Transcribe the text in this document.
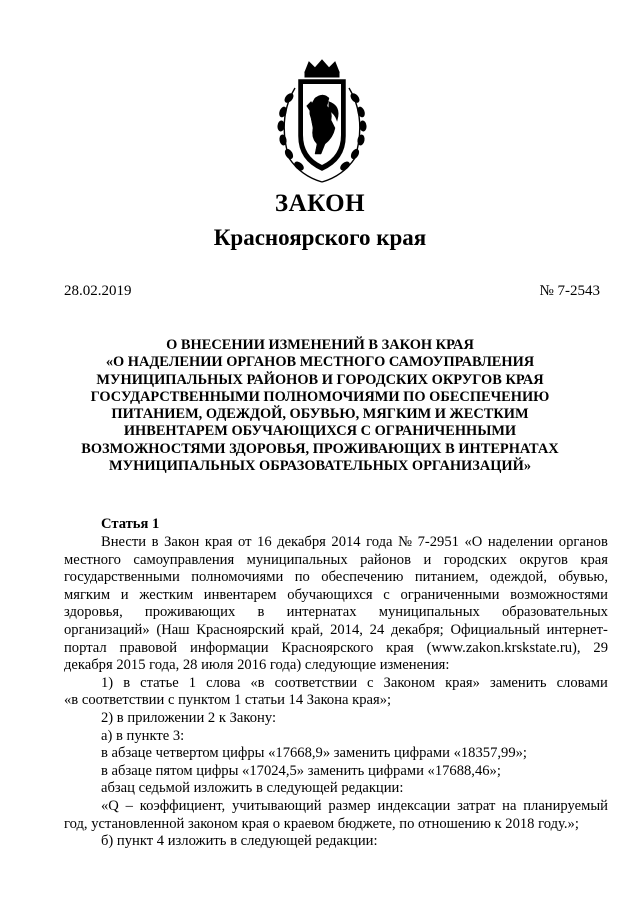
ЗАКОН
Красноярского края
28.02.2019	№ 7-2543
О ВНЕСЕНИИ ИЗМЕНЕНИЙ В ЗАКОН КРАЯ
«О НАДЕЛЕНИИ ОРГАНОВ МЕСТНОГО САМОУПРАВЛЕНИЯ
МУНИЦИПАЛЬНЫХ РАЙОНОВ И ГОРОДСКИХ ОКРУГОВ КРАЯ
ГОСУДАРСТВЕННЫМИ ПОЛНОМОЧИЯМИ ПО ОБЕСПЕЧЕНИЮ
ПИТАНИЕМ, ОДЕЖДОЙ, ОБУВЬЮ, МЯГКИМ И ЖЕСТКИМ
ИНВЕНТАРЕМ ОБУЧАЮЩИХСЯ С ОГРАНИЧЕННЫМИ
ВОЗМОЖНОСТЯМИ ЗДОРОВЬЯ, ПРОЖИВАЮЩИХ В ИНТЕРНАТАХ
МУНИЦИПАЛЬНЫХ ОБРАЗОВАТЕЛЬНЫХ ОРГАНИЗАЦИЙ»
Статья 1
Внести в Закон края от 16 декабря 2014 года № 7-2951 «О наделении органов
местного самоуправления муниципальных районов и городских округов края
государственными полномочиями по обеспечению питанием, одеждой, обувью,
мягким и жестким инвентарем обучающихся с ограниченными возможностями
здоровья, проживающих в интернатах муниципальных образовательных
организаций» (Наш Красноярский край, 2014, 24 декабря; Официальный интернет-
портал правовой информации Красноярского края (www.zakon.krskstate.ru), 29
декабря 2015 года, 28 июля 2016 года) следующие изменения:
1) в статье 1 слова «в соответствии с Законом края» заменить словами
«в соответствии с пунктом 1 статьи 14 Закона края»;
2) в приложении 2 к Закону:
а) в пункте 3:
в абзаце четвертом цифры «17668,9» заменить цифрами «18357,99»;
в абзаце пятом цифры «17024,5» заменить цифрами «17688,46»;
абзац седьмой изложить в следующей редакции:
«Q – коэффициент, учитывающий размер индексации затрат на планируемый
год, установленной законом края о краевом бюджете, по отношению к 2018 году.»;
б) пункт 4 изложить в следующей редакции:
